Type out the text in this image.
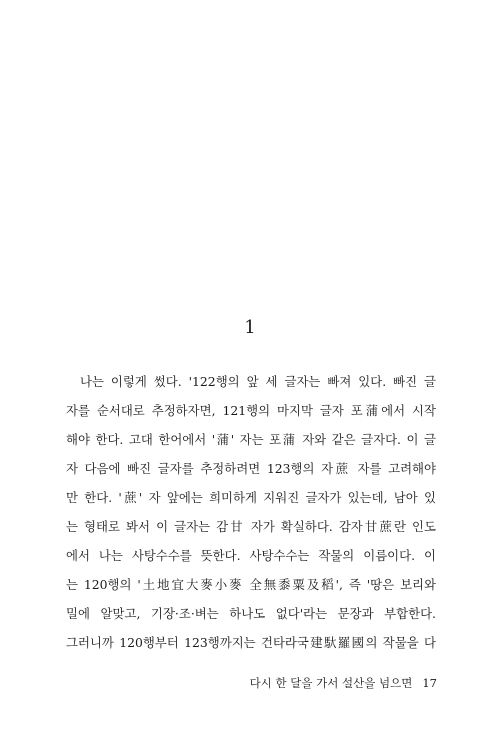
1
나는 이렇게 썼다. '122행의 앞 세 글자는 빠져 있다. 빠진 글
자를 순서대로 추정하자면, 121행의 마지막 글자 포蒲에서 시작
해야 한다. 고대 한어에서 '蒲' 자는 포蒲 자와 같은 글자다. 이 글
자 다음에 빠진 글자를 추정하려면 123행의 자蔗 자를 고려해야
만 한다. '蔗' 자 앞에는 희미하게 지워진 글자가 있는데, 남아 있
는 형태로 봐서 이 글자는 감甘 자가 확실하다. 감자甘蔗란 인도
에서 나는 사탕수수를 뜻한다. 사탕수수는 작물의 이름이다. 이
는 120행의 '土地宜大麥小麥 全無黍粟及稻', 즉 '땅은 보리와
밀에 알맞고, 기장·조·벼는 하나도 없다'라는 문장과 부합한다.
그러니까 120행부터 123행까지는 건타라국建馱羅國의 작물을 다
다시 한 달을 가서 설산을 넘으면 17
